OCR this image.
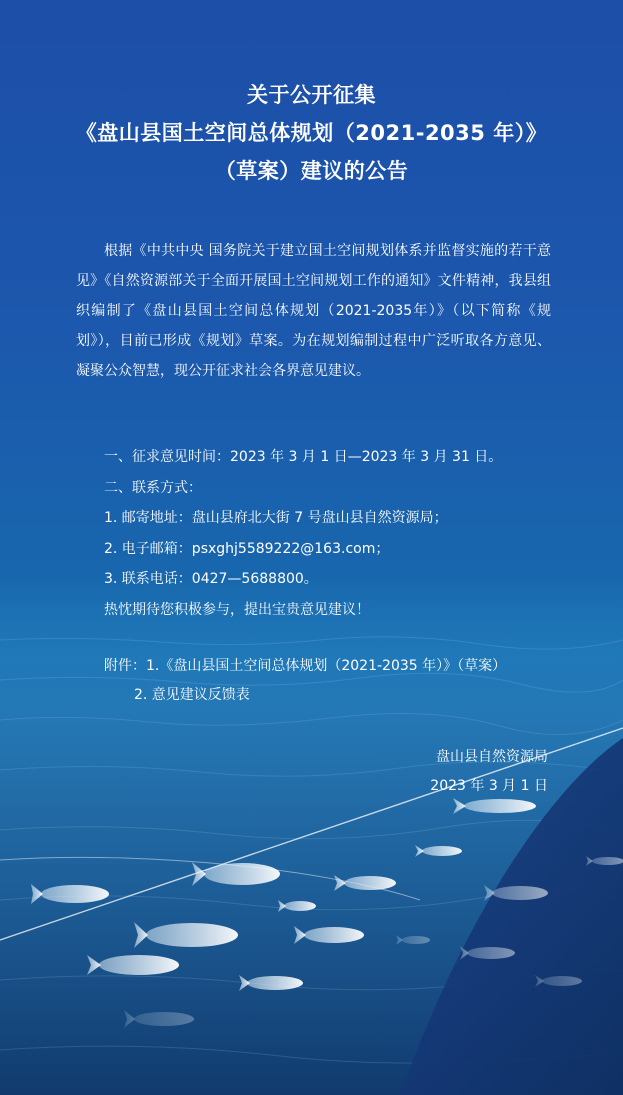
关于公开征集
《盘山县国土空间总体规划（2021-2035 年）》
（草案）建议的公告

根据《中共中央 国务院关于建立国土空间规划体系并监督实施的若干意见》《自然资源部关于全面开展国土空间规划工作的通知》文件精神，我县组织编制了《盘山县国土空间总体规划（2021-2035年）》（以下简称《规划》），目前已形成《规划》草案。为在规划编制过程中广泛听取各方意见、凝聚公众智慧，现公开征求社会各界意见建议。

一、征求意见时间：2023 年 3 月 1 日—2023 年 3 月 31 日。
二、联系方式：
1. 邮寄地址：盘山县府北大街 7 号盘山县自然资源局；
2. 电子邮箱：psxghj5589222@163.com；
3. 联系电话：0427—5688800。
热忱期待您积极参与，提出宝贵意见建议！
附件：1.《盘山县国土空间总体规划（2021-2035 年）》（草案）
2. 意见建议反馈表
盘山县自然资源局
2023 年 3 月 1 日
